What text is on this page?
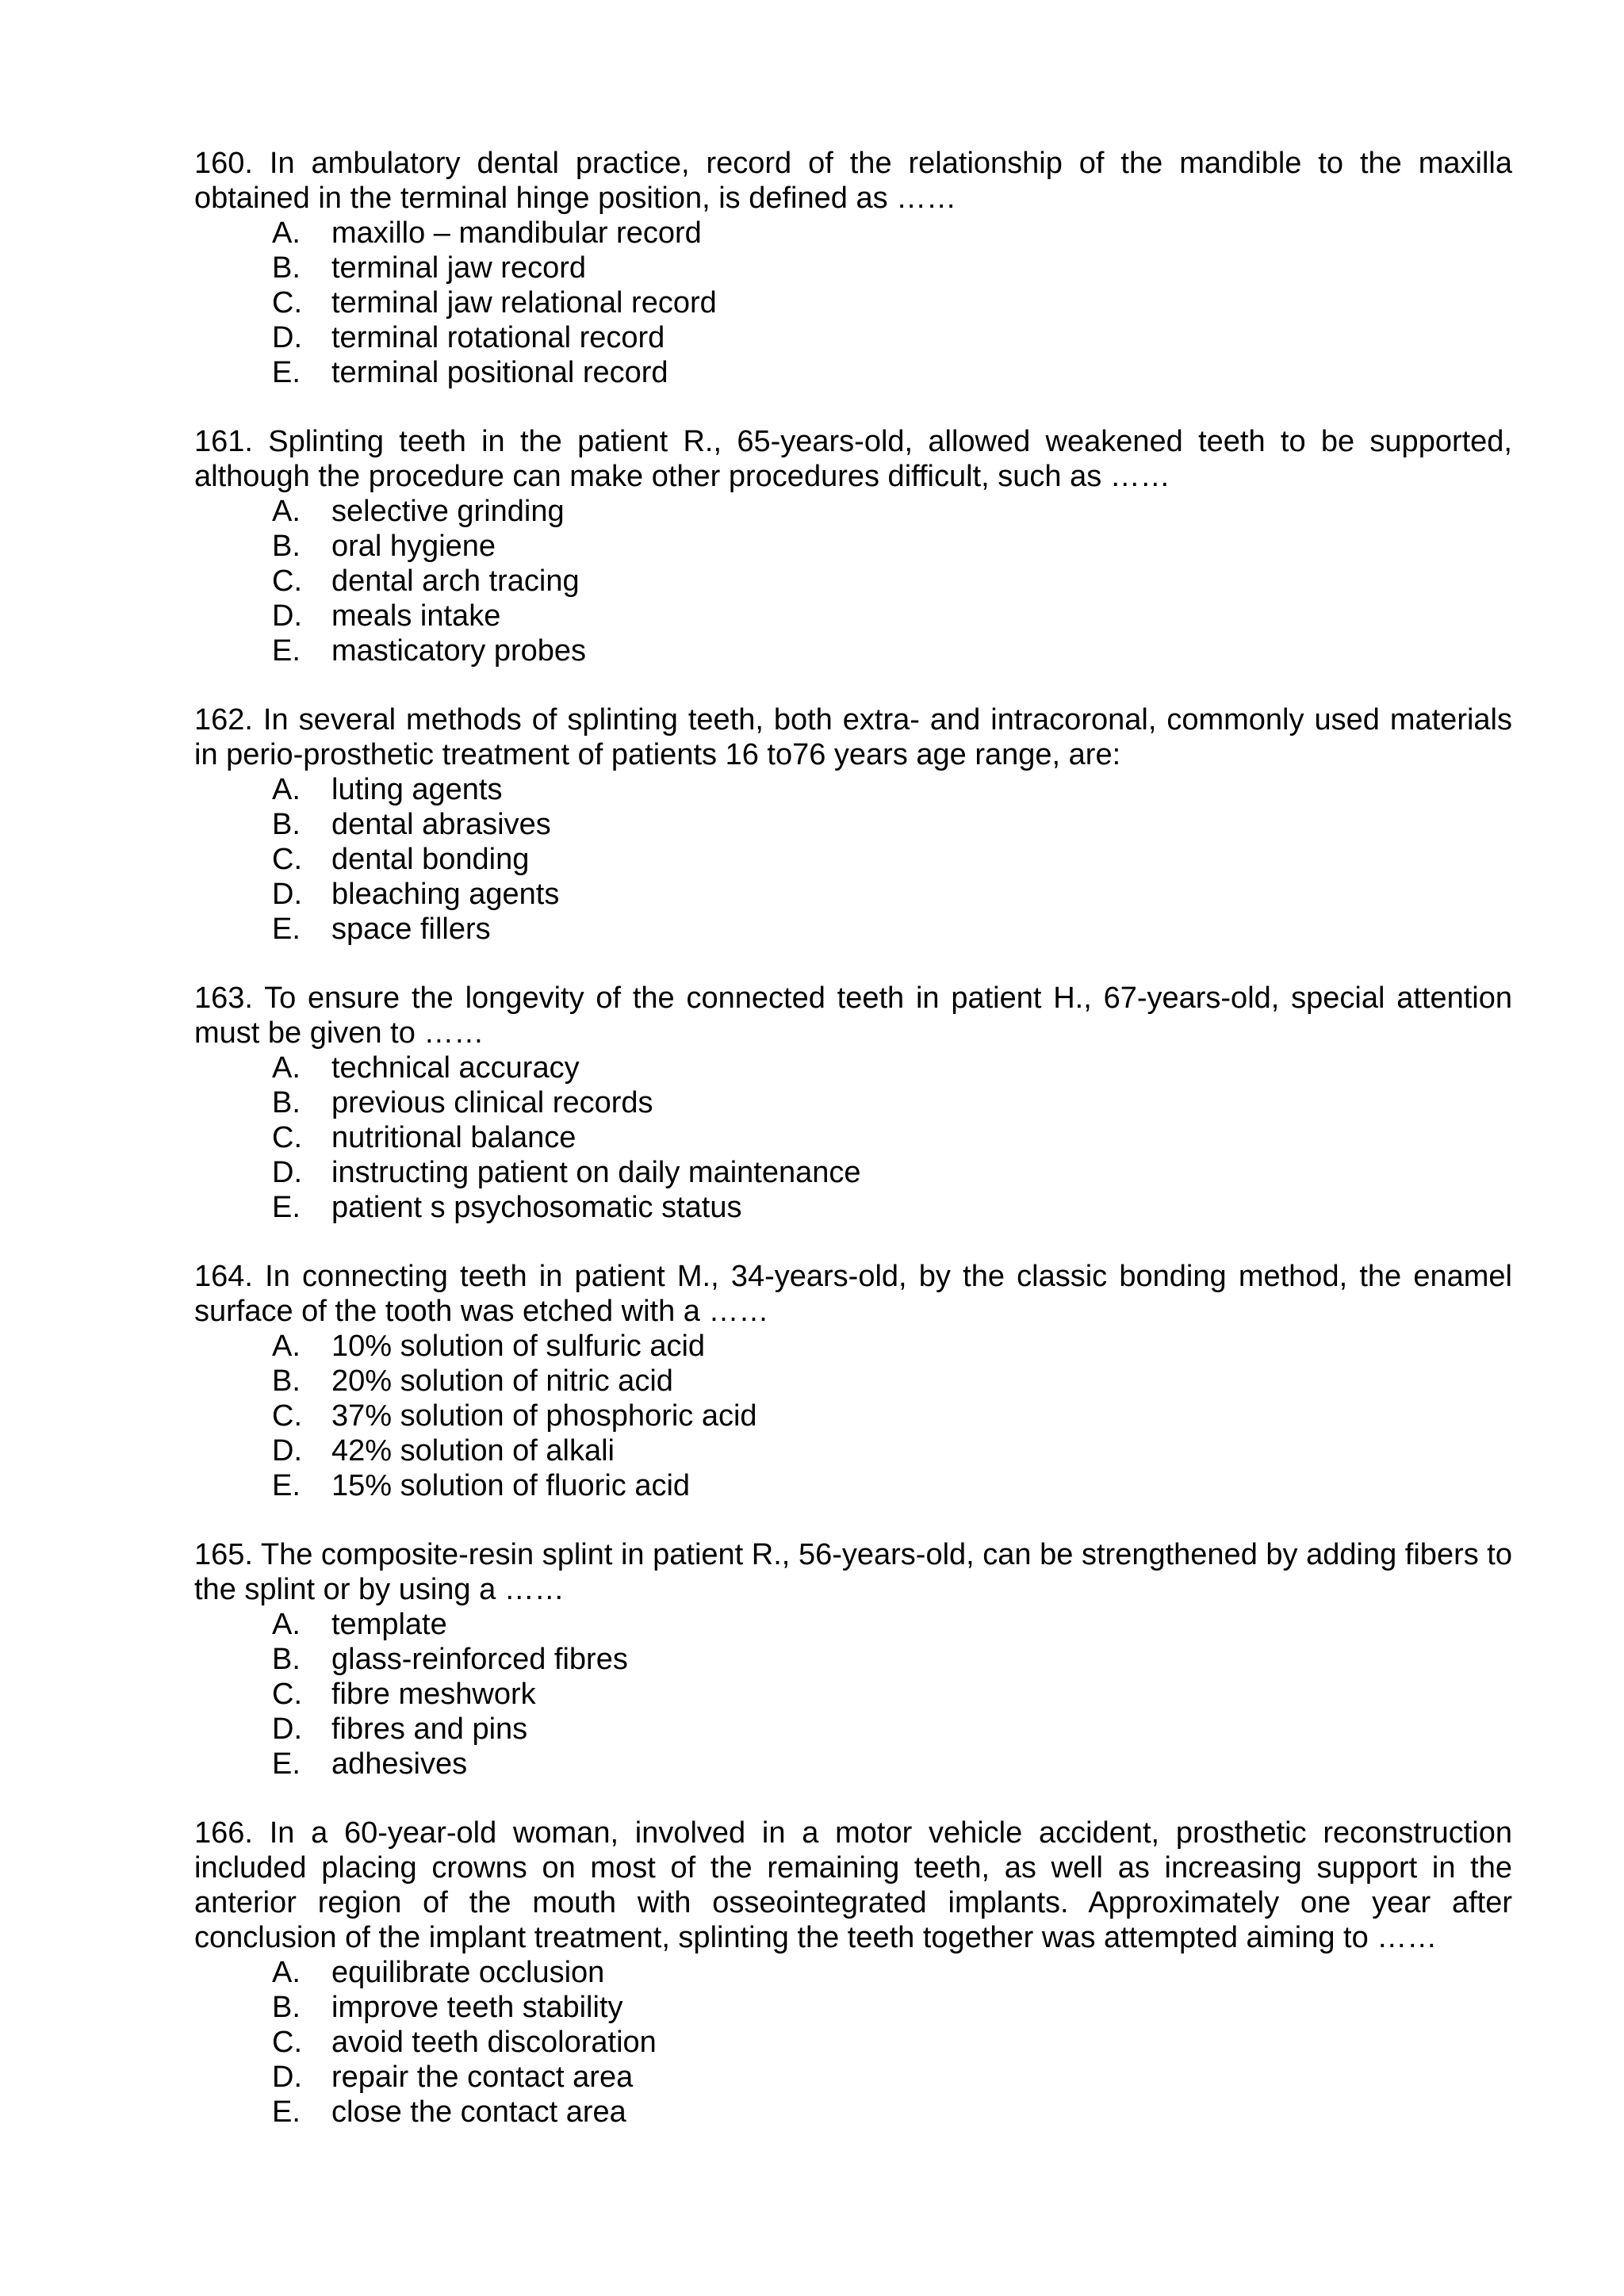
160. In ambulatory dental practice, record of the relationship of the mandible to the maxilla obtained in the terminal hinge position, is defined as ……

A.	maxillo – mandibular record
B.	terminal jaw record
C. terminal jaw relational record
D. terminal rotational record
E.	terminal positional record

161. Splinting teeth in the patient R., 65-years-old, allowed weakened teeth to be supported, although the procedure can make other procedures difficult, such as ……

A.	selective grinding
B.	oral hygiene
C. dental arch tracing
D. meals intake
E.	masticatory probes

162. In several methods of splinting teeth, both extra- and intracoronal, commonly used materials in perio-prosthetic treatment of patients 16 to76 years age range, are:

A.	luting agents
B.	dental abrasives
C. dental bonding
D. bleaching agents
E.	space fillers

163. To ensure the longevity of the connected teeth in patient H., 67-years-old, special attention must be given to ……

A.	technical accuracy
B.	previous clinical records
C. nutritional balance
D. instructing patient on daily maintenance
E.	patient s psychosomatic status

164. In connecting teeth in patient M., 34-years-old, by the classic bonding method, the enamel surface of the tooth was etched with a ……

A.	10% solution of sulfuric acid
B.	20% solution of nitric acid
C. 37% solution of phosphoric acid
D. 42% solution of alkali
E.	15% solution of fluoric acid

165. The composite-resin splint in patient R., 56-years-old, can be strengthened by adding fibers to the splint or by using a ……

A.	template
B.	glass-reinforced fibres
C. fibre meshwork
D. fibres and pins
E.	adhesives

166. In a 60-year-old woman, involved in a motor vehicle accident, prosthetic reconstruction included placing crowns on most of the remaining teeth, as well as increasing support in the anterior region of the mouth with osseointegrated implants. Approximately one year after conclusion of the implant treatment, splinting the teeth together was attempted aiming to ……

A.	equilibrate occlusion
B.	improve teeth stability
C. avoid teeth discoloration
D. repair the contact area
E.	close the contact area
